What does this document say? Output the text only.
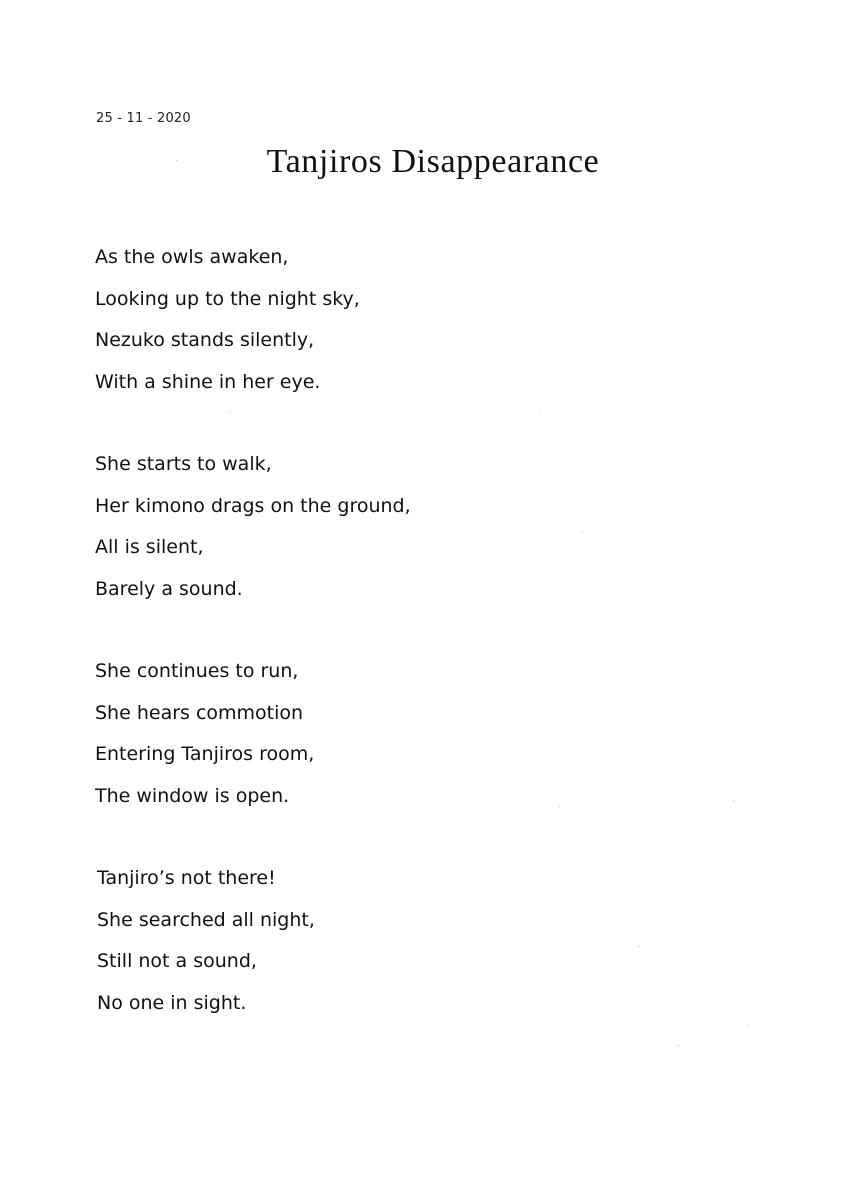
25 - 11 - 2020
Tanjiros Disappearance
As the owls awaken,
Looking up to the night sky,
Nezuko stands silently,
With a shine in her eye.
She starts to walk,
Her kimono drags on the ground,
All is silent,
Barely a sound.
She continues to run,
She hears commotion
Entering Tanjiros room,
The window is open.
Tanjiro’s not there!
She searched all night,
Still not a sound,
No one in sight.
